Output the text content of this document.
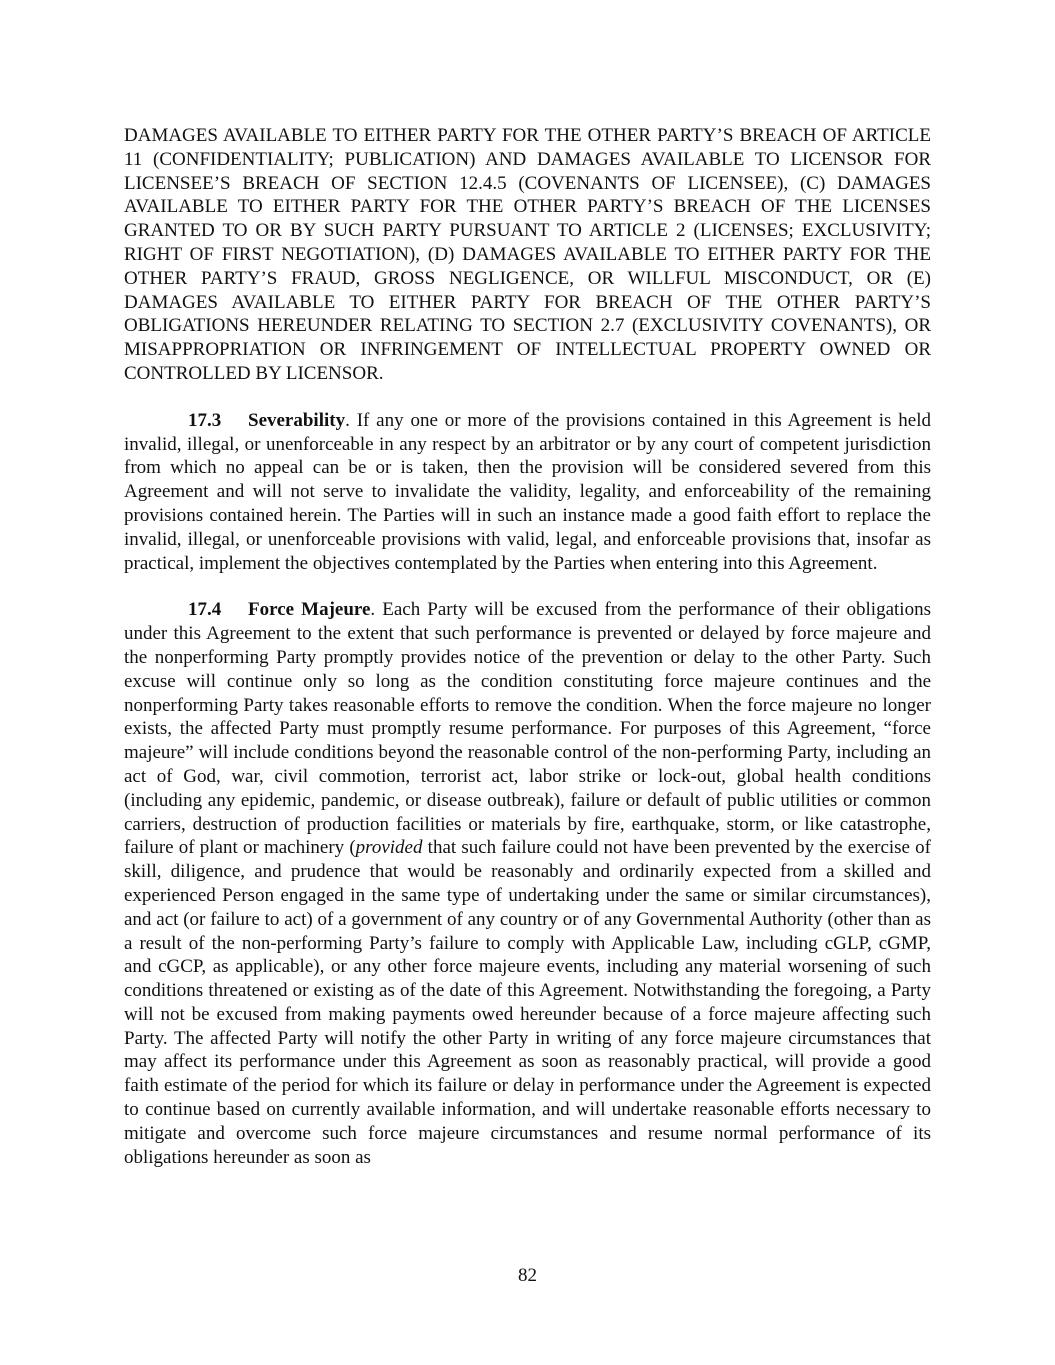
DAMAGES AVAILABLE TO EITHER PARTY FOR THE OTHER PARTY’S BREACH OF ARTICLE 11 (CONFIDENTIALITY; PUBLICATION) AND DAMAGES AVAILABLE TO LICENSOR FOR LICENSEE’S BREACH OF SECTION 12.4.5 (COVENANTS OF LICENSEE), (C) DAMAGES AVAILABLE TO EITHER PARTY FOR THE OTHER PARTY’S BREACH OF THE LICENSES GRANTED TO OR BY SUCH PARTY PURSUANT TO ARTICLE 2 (LICENSES; EXCLUSIVITY; RIGHT OF FIRST NEGOTIATION), (D) DAMAGES AVAILABLE TO EITHER PARTY FOR THE OTHER PARTY’S FRAUD, GROSS NEGLIGENCE, OR WILLFUL MISCONDUCT, OR (E) DAMAGES AVAILABLE TO EITHER PARTY FOR BREACH OF THE OTHER PARTY’S OBLIGATIONS HEREUNDER RELATING TO SECTION 2.7 (EXCLUSIVITY COVENANTS), OR MISAPPROPRIATION OR INFRINGEMENT OF INTELLECTUAL PROPERTY OWNED OR CONTROLLED BY LICENSOR.

17.3 Severability. If any one or more of the provisions contained in this Agreement is held invalid, illegal, or unenforceable in any respect by an arbitrator or by any court of competent jurisdiction from which no appeal can be or is taken, then the provision will be considered severed from this Agreement and will not serve to invalidate the validity, legality, and enforceability of the remaining provisions contained herein. The Parties will in such an instance made a good faith effort to replace the invalid, illegal, or unenforceable provisions with valid, legal, and enforceable provisions that, insofar as practical, implement the objectives contemplated by the Parties when entering into this Agreement.

17.4 Force Majeure. Each Party will be excused from the performance of their obligations under this Agreement to the extent that such performance is prevented or delayed by force majeure and the nonperforming Party promptly provides notice of the prevention or delay to the other Party. Such excuse will continue only so long as the condition constituting force majeure continues and the nonperforming Party takes reasonable efforts to remove the condition. When the force majeure no longer exists, the affected Party must promptly resume performance. For purposes of this Agreement, “force majeure” will include conditions beyond the reasonable control of the non-performing Party, including an act of God, war, civil commotion, terrorist act, labor strike or lock-out, global health conditions (including any epidemic, pandemic, or disease outbreak), failure or default of public utilities or common carriers, destruction of production facilities or materials by fire, earthquake, storm, or like catastrophe, failure of plant or machinery (provided that such failure could not have been prevented by the exercise of skill, diligence, and prudence that would be reasonably and ordinarily expected from a skilled and experienced Person engaged in the same type of undertaking under the same or similar circumstances), and act (or failure to act) of a government of any country or of any Governmental Authority (other than as a result of the non-performing Party’s failure to comply with Applicable Law, including cGLP, cGMP, and cGCP, as applicable), or any other force majeure events, including any material worsening of such conditions threatened or existing as of the date of this Agreement. Notwithstanding the foregoing, a Party will not be excused from making payments owed hereunder because of a force majeure affecting such Party. The affected Party will notify the other Party in writing of any force majeure circumstances that may affect its performance under this Agreement as soon as reasonably practical, will provide a good faith estimate of the period for which its failure or delay in performance under the Agreement is expected to continue based on currently available information, and will undertake reasonable efforts necessary to mitigate and overcome such force majeure circumstances and resume normal performance of its obligations hereunder as soon as

82
